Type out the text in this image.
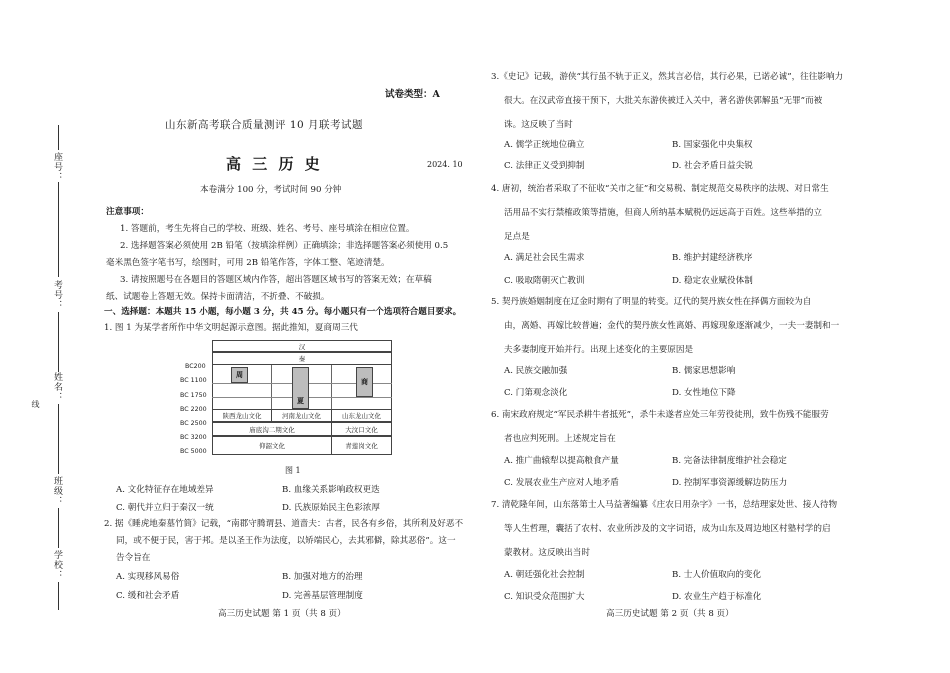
座号：
考号：
姓名：
班级：
学校：
线
试卷类型：A
山东新高考联合质量测评 10 月联考试题
高 三 历 史	2024. 10
本卷满分 100 分，考试时间 90 分钟
注意事项：
1. 答题前，考生先将自己的学校、班级、姓名、考号、座号填涂在相应位置。
2. 选择题答案必须使用 2B 铅笔（按填涂样例）正确填涂；非选择题答案必须使用 0.5
毫米黑色签字笔书写，绘图时，可用 2B 铅笔作答，字体工整、笔迹清楚。
3. 请按照题号在各题目的答题区域内作答，超出答题区域书写的答案无效；在草稿
纸、试题卷上答题无效。保持卡面清洁，不折叠、不破损。
一、选择题：本题共 15 小题，每小题 3 分，共 45 分。每小题只有一个选项符合题目要求。
1. 图 1 为某学者所作中华文明起源示意图。据此推知，夏商周三代
BC200
BC 1100
BC 1750
BC 2200
BC 2500
BC 3200
BC 5000
汉
秦
周
夏
商
陕西龙山文化	河南龙山文化	山东龙山文化
庙底沟二期文化	大汶口文化
仰韶文化	青莲岗文化
图 1
A. 文化特征存在地域差异	B. 血缘关系影响政权更迭
C. 朝代并立归于秦汉一统	D. 氏族原始民主色彩浓厚
2. 据《睡虎地秦墓竹简》记载，“南郡守腾谓县、道啬夫：古者，民各有乡俗，其所利及好恶不
同，或不便于民，害于邦。是以圣王作为法度，以矫端民心，去其邪僻，除其恶俗”。这一
告令旨在
A. 实现移风易俗	B. 加强对地方的治理
C. 缓和社会矛盾	D. 完善基层管理制度
高三历史试题 第 1 页（共 8 页）
3.《史记》记载，游侠“其行虽不轨于正义，然其言必信，其行必果，已诺必诚”，往往影响力
很大。在汉武帝直接干预下，大批关东游侠被迁入关中，著名游侠郭解虽“无罪”而被
诛。这反映了当时
A. 儒学正统地位确立	B. 国家强化中央集权
C. 法律正义受到抑制	D. 社会矛盾日益尖锐
4. 唐初，统治者采取了不征收“关市之征”和交易税、制定规范交易秩序的法规、对日常生
活用品不实行禁榷政策等措施，但商人所纳基本赋税仍远远高于百姓。这些举措的立
足点是
A. 满足社会民生需求	B. 维护封建经济秩序
C. 吸取隋朝灭亡教训	D. 稳定农业赋役体制
5. 契丹族婚姻制度在辽金时期有了明显的转变。辽代的契丹族女性在择偶方面较为自
由，离婚、再嫁比较普遍；金代的契丹族女性离婚、再嫁现象逐渐减少，一夫一妻制和一
夫多妻制度开始并行。出现上述变化的主要原因是
A. 民族交融加强	B. 儒家思想影响
C. 门第观念淡化	D. 女性地位下降
6. 南宋政府规定“军民杀耕牛者抵死”，杀牛未遂者应处三年劳役徒刑，致牛伤残不能服劳
者也应判死刑。上述规定旨在
A. 推广曲辕犁以提高粮食产量	B. 完备法律制度维护社会稳定
C. 发展农业生产应对人地矛盾	D. 控制军事资源缓解边防压力
7. 清乾隆年间，山东落第士人马益著编纂《庄农日用杂字》一书，总结理家处世、接人待物
等人生哲理，囊括了农村、农业所涉及的文字词语，成为山东及周边地区村塾村学的启
蒙教材。这反映出当时
A. 朝廷强化社会控制	B. 士人价值取向的变化
C. 知识受众范围扩大	D. 农业生产趋于标准化
高三历史试题 第 2 页（共 8 页）
